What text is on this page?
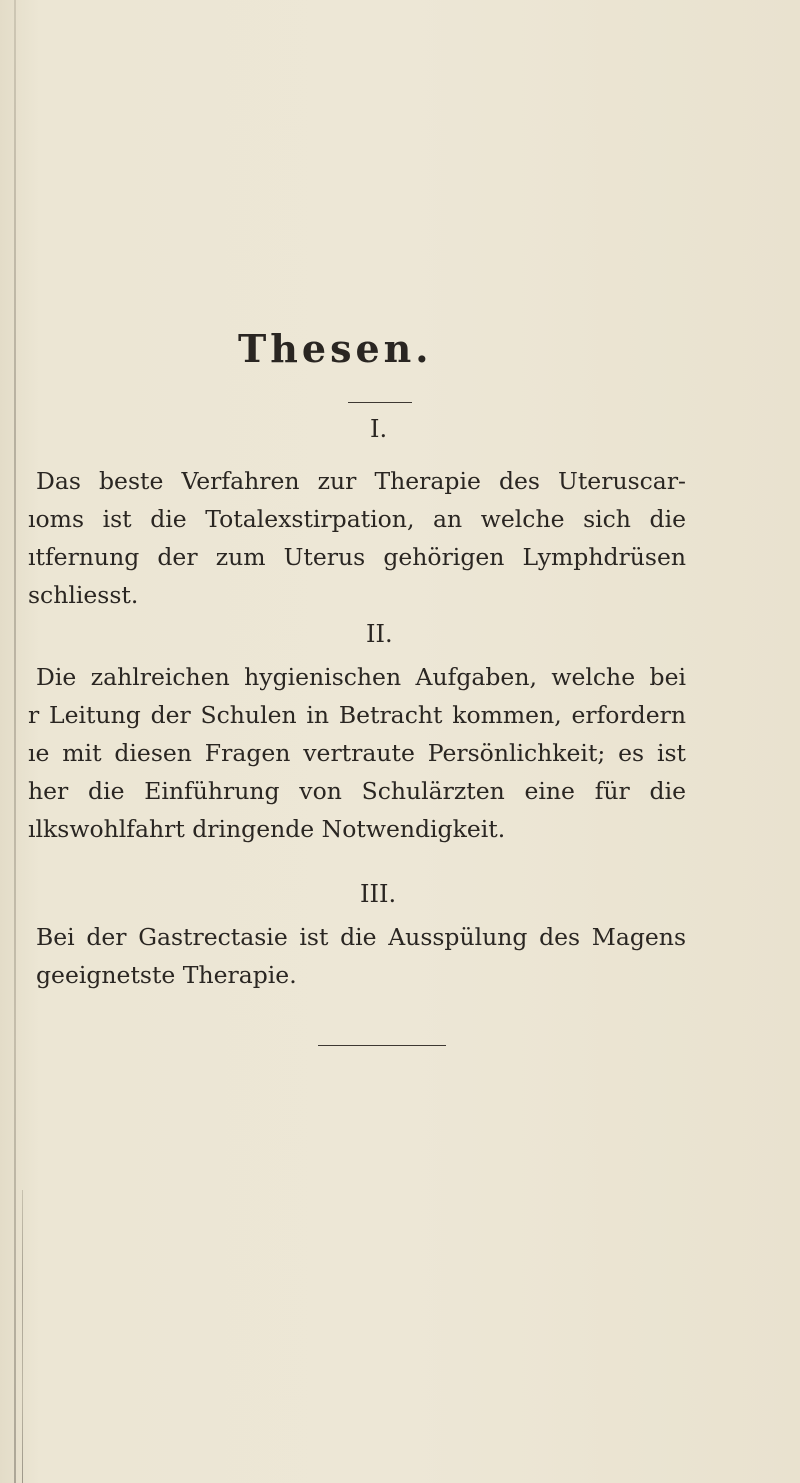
Thesen.
I.
Das beste Verfahren zur Therapie des Uteruscar-
ıoms ist die Totalexstirpation, an welche sich die
ıtfernung der zum Uterus gehörigen Lymphdrüsen
schliesst.
II.
Die zahlreichen hygienischen Aufgaben, welche bei
r Leitung der Schulen in Betracht kommen, erfordern
ıe mit diesen Fragen vertraute Persönlichkeit; es ist
her die Einführung von Schulärzten eine für die
ılkswohlfahrt dringende Notwendigkeit.
III.
Bei der Gastrectasie ist die Ausspülung des Magens
geeignetste Therapie.
